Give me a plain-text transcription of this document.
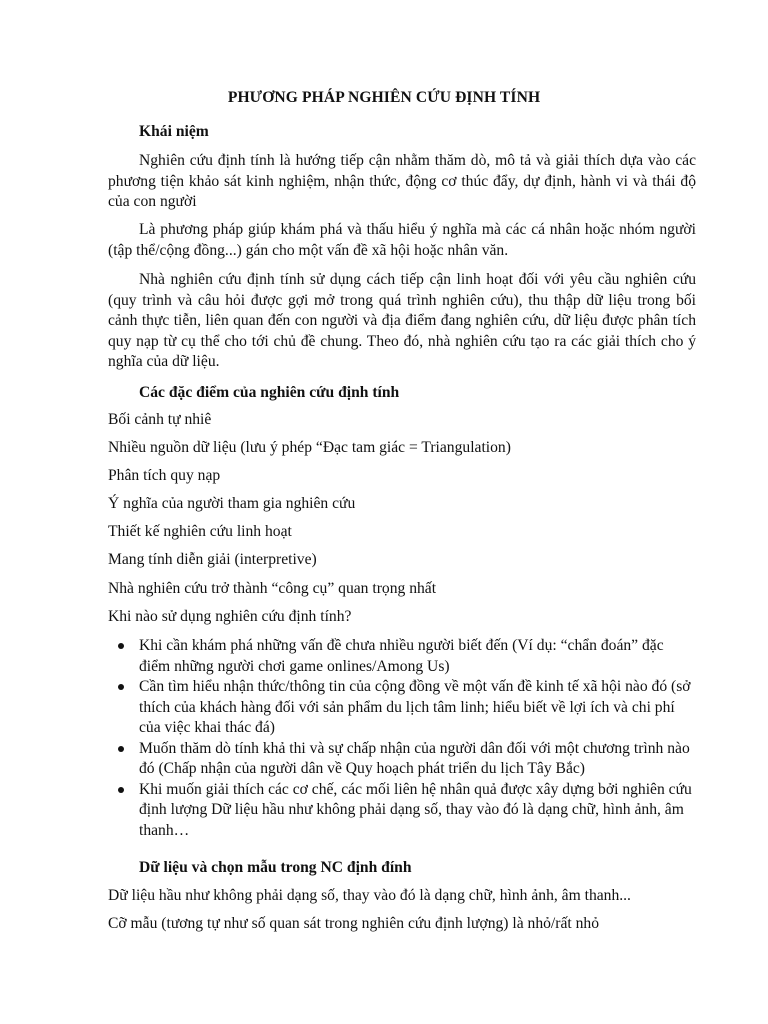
PHƯƠNG PHÁP NGHIÊN CỨU ĐỊNH TÍNH
Khái niệm

Nghiên cứu định tính là hướng tiếp cận nhằm thăm dò, mô tả và giải thích dựa vào các phương tiện khảo sát kinh nghiệm, nhận thức, động cơ thúc đẩy, dự định, hành vi và thái độ của con người

Là phương pháp giúp khám phá và thấu hiểu ý nghĩa mà các cá nhân hoặc nhóm người (tập thể/cộng đồng...) gán cho một vấn đề xã hội hoặc nhân văn.

Nhà nghiên cứu định tính sử dụng cách tiếp cận linh hoạt đối với yêu cầu nghiên cứu (quy trình và câu hỏi được gợi mở trong quá trình nghiên cứu), thu thập dữ liệu trong bối cảnh thực tiễn, liên quan đến con người và địa điểm đang nghiên cứu, dữ liệu được phân tích quy nạp từ cụ thể cho tới chủ đề chung. Theo đó, nhà nghiên cứu tạo ra các giải thích cho ý nghĩa của dữ liệu.

Các đặc điểm của nghiên cứu định tính
Bối cảnh tự nhiê
Nhiều nguồn dữ liệu (lưu ý phép “Đạc tam giác = Triangulation)
Phân tích quy nạp
Ý nghĩa của người tham gia nghiên cứu
Thiết kế nghiên cứu linh hoạt
Mang tính diễn giải (interpretive)
Nhà nghiên cứu trở thành “công cụ” quan trọng nhất
Khi nào sử dụng nghiên cứu định tính?
Khi cần khám phá những vấn đề chưa nhiều người biết đến (Ví dụ: “chẩn đoán” đặc điểm những người chơi game onlines/Among Us)
Cần tìm hiểu nhận thức/thông tin của cộng đồng về một vấn đề kinh tế xã hội nào đó (sở thích của khách hàng đối với sản phẩm du lịch tâm linh; hiểu biết về lợi ích và chi phí của việc khai thác đá)
Muốn thăm dò tính khả thi và sự chấp nhận của người dân đối với một chương trình nào đó (Chấp nhận của người dân về Quy hoạch phát triển du lịch Tây Bắc)
Khi muốn giải thích các cơ chế, các mối liên hệ nhân quả được xây dựng bởi nghiên cứu định lượng Dữ liệu hầu như không phải dạng số, thay vào đó là dạng chữ, hình ảnh, âm thanh…
Dữ liệu và chọn mẫu trong NC định đính
Dữ liệu hầu như không phải dạng số, thay vào đó là dạng chữ, hình ảnh, âm thanh...
Cỡ mẫu (tương tự như số quan sát trong nghiên cứu định lượng) là nhỏ/rất nhỏ
